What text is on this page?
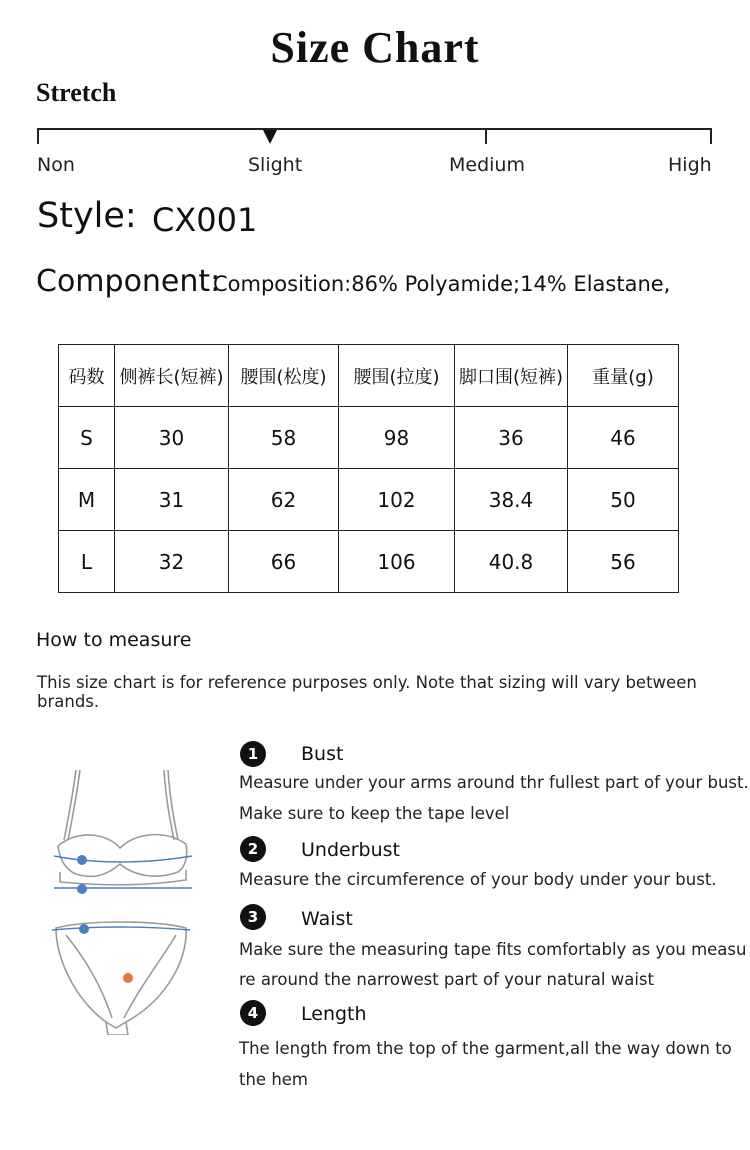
Size Chart
Stretch
Non	Slight	Medium	High
Style: CX001
Component:
Composition:86% Polyamide;14% Elastane,
码数	侧裤长(短裤)	腰围(松度)	腰围(拉度)	脚口围(短裤)	重量(g)
S	30	58	98	36	46
M	31	62	102	38.4	50
L	32	66	106	40.8	56
How to measure
This size chart is for reference purposes only. Note that sizing will vary between brands.
1	Bust
Measure under your arms around thr fullest part of your bust.
Make sure to keep the tape level
2	Underbust
Measure the circumference of your body under your bust.
3	Waist
Make sure the measuring tape fits comfortably as you measu
re around the narrowest part of your natural waist
4	Length
The length from the top of the garment,all the way down to
the hem
